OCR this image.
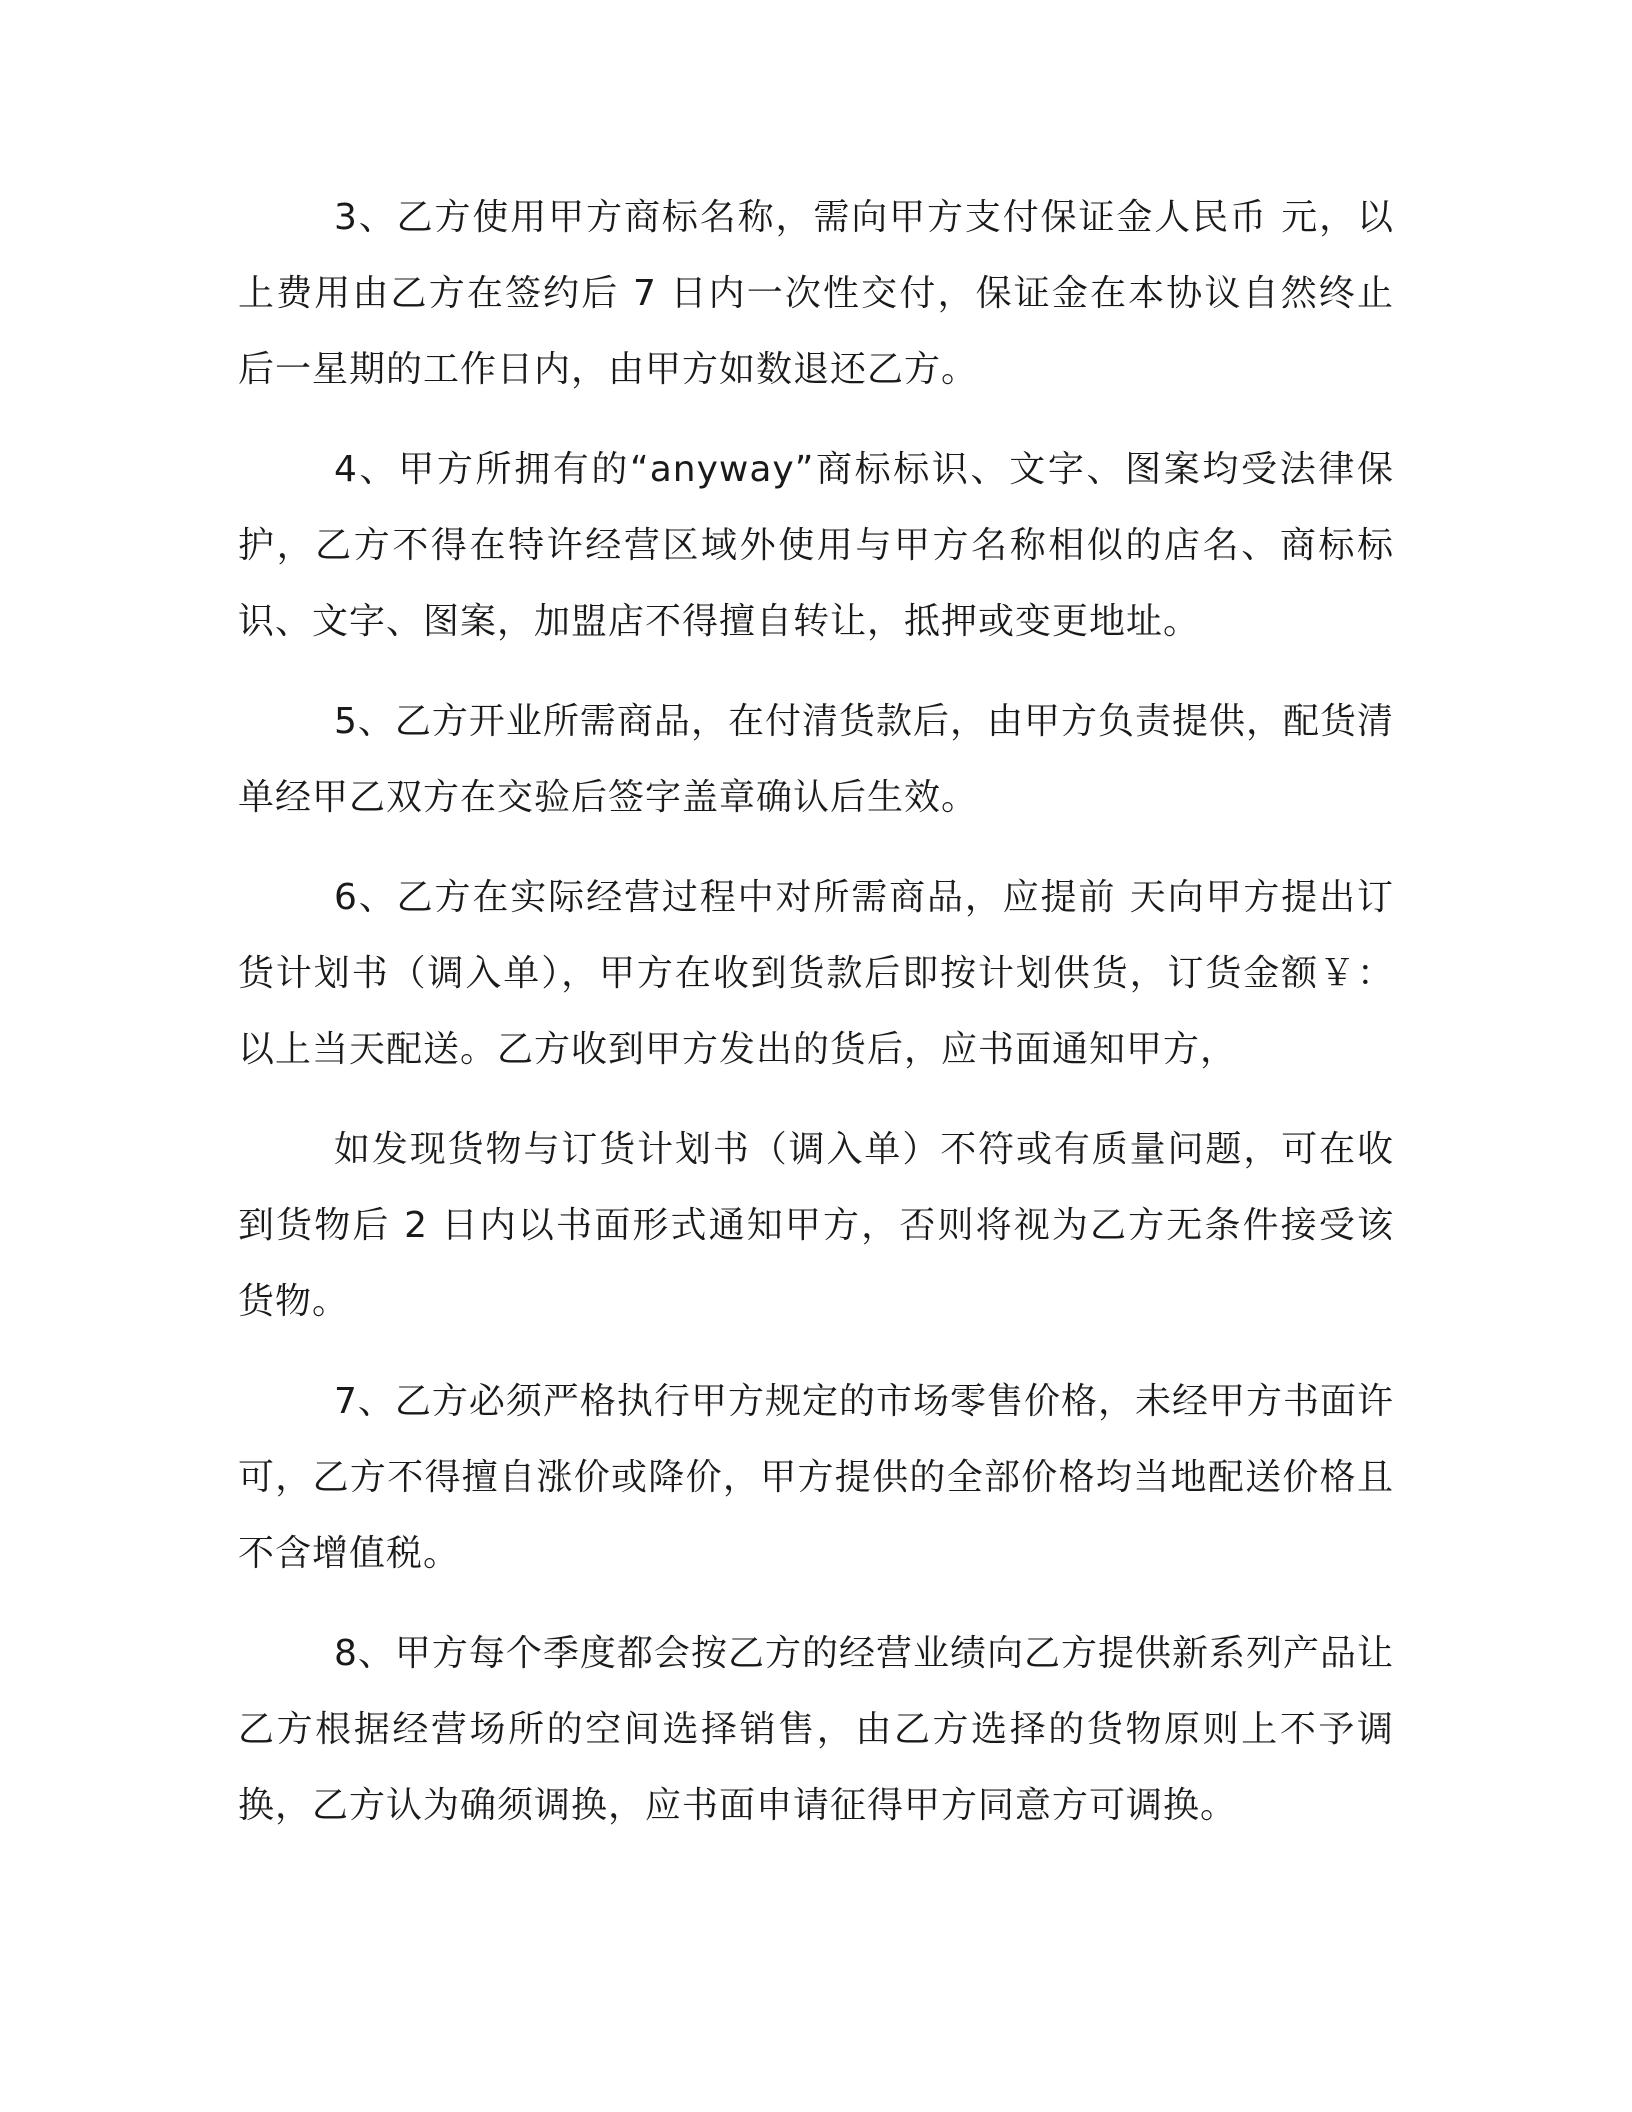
3、乙方使用甲方商标名称，需向甲方支付保证金人民币 元，以上费用由乙方在签约后 7 日内一次性交付，保证金在本协议自然终止后一星期的工作日内，由甲方如数退还乙方。

4、甲方所拥有的“anyway”商标标识、文字、图案均受法律保护，乙方不得在特许经营区域外使用与甲方名称相似的店名、商标标识、文字、图案，加盟店不得擅自转让，抵押或变更地址。

5、乙方开业所需商品，在付清货款后，由甲方负责提供，配货清单经甲乙双方在交验后签字盖章确认后生效。

6、乙方在实际经营过程中对所需商品，应提前 天向甲方提出订货计划书（调入单），甲方在收到货款后即按计划供货，订货金额￥：以上当天配送。乙方收到甲方发出的货后，应书面通知甲方，

如发现货物与订货计划书（调入单）不符或有质量问题，可在收到货物后 2 日内以书面形式通知甲方，否则将视为乙方无条件接受该货物。

7、乙方必须严格执行甲方规定的市场零售价格，未经甲方书面许可，乙方不得擅自涨价或降价，甲方提供的全部价格均当地配送价格且不含增值税。

8、甲方每个季度都会按乙方的经营业绩向乙方提供新系列产品让乙方根据经营场所的空间选择销售，由乙方选择的货物原则上不予调换，乙方认为确须调换，应书面申请征得甲方同意方可调换。
